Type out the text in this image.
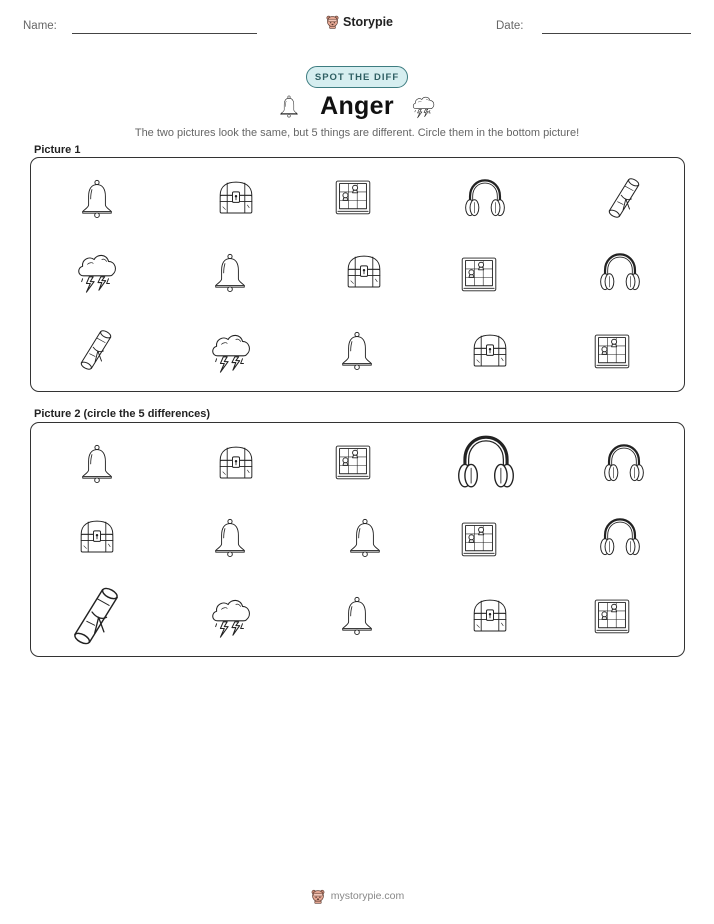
Name:	Storypie	Date:
SPOT THE DIFF
Anger
The two pictures look the same, but 5 things are different. Circle them in the bottom picture!
Picture 1
Picture 2 (circle the 5 differences)
mystorypie.com
